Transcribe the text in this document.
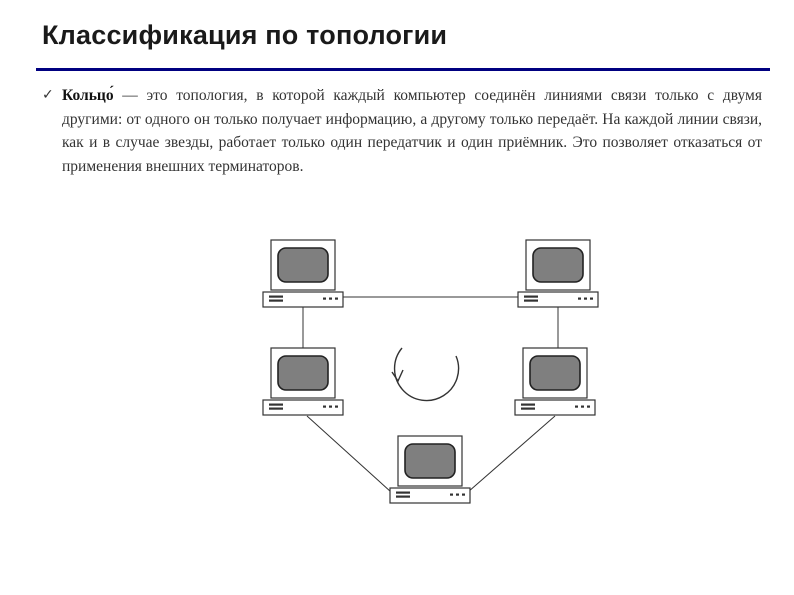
Классификация по топологии
✓ Кольцо́ — это топология, в которой каждый компьютер соединён линиями связи только с двумя другими: от одного он только получает информацию, а другому только передаёт. На каждой линии связи, как и в случае звезды, работает только один передатчик и один приёмник. Это позволяет отказаться от применения внешних терминаторов.
